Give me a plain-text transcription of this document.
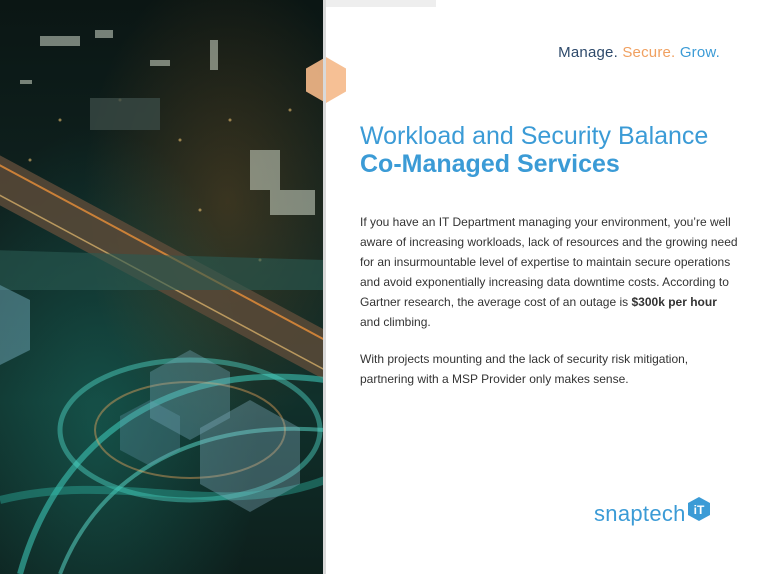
Manage. Secure. Grow.
Workload and Security Balance
Co-Managed Services
If you have an IT Department managing your environment, you’re well aware of increasing workloads, lack of resources and the growing need for an insurmountable level of expertise to maintain secure operations and avoid exponentially increasing data downtime costs. According to Gartner research, the average cost of an outage is $300k per hour
and climbing.
With projects mounting and the lack of security risk mitigation, partnering with a MSP Provider only makes sense.
snaptech iT
